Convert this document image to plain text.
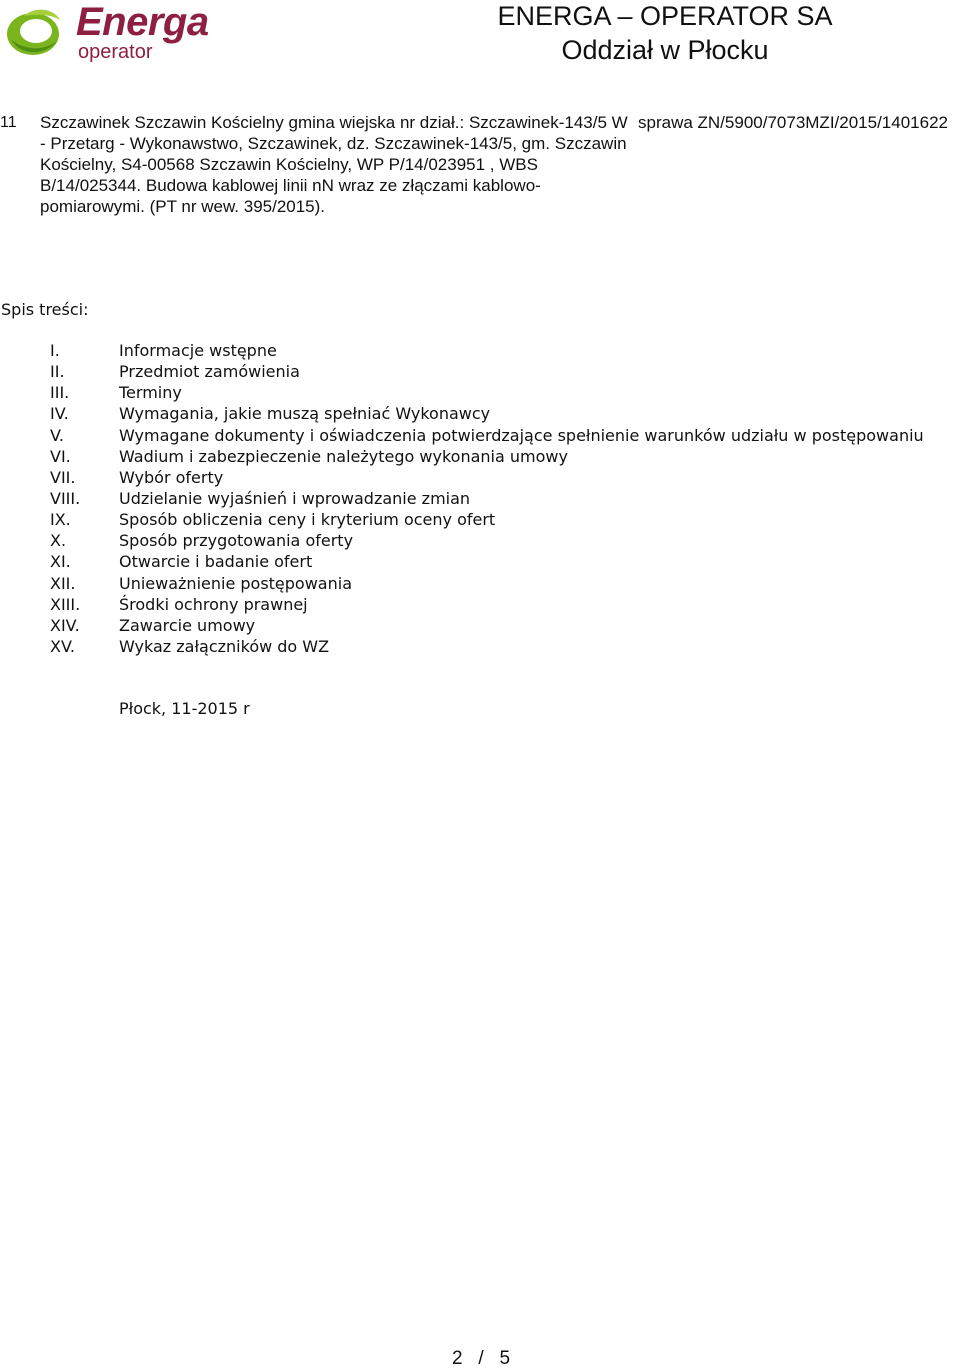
Energa
operator
ENERGA – OPERATOR SA
Oddział w Płocku
11	Szczawinek Szczawin Kościelny gmina wiejska nr dział.: Szczawinek-143/5 W - Przetarg - Wykonawstwo, Szczawinek, dz. Szczawinek-143/5, gm. Szczawin Kościelny, S4-00568 Szczawin Kościelny, WP P/14/023951 , WBS B/14/025344. Budowa kablowej linii nN wraz ze złączami kablowo-pomiarowymi. (PT nr wew. 395/2015).
sprawa ZN/5900/7073MZI/2015/1401622
Spis treści:
I.	Informacje wstępne
II.	Przedmiot zamówienia
III.	Terminy
IV.	Wymagania, jakie muszą spełniać Wykonawcy
V.	Wymagane dokumenty i oświadczenia potwierdzające spełnienie warunków udziału w postępowaniu
VI.	Wadium i zabezpieczenie należytego wykonania umowy
VII.	Wybór oferty
VIII. Udzielanie wyjaśnień i wprowadzanie zmian
IX.	Sposób obliczenia ceny i kryterium oceny ofert
X.	Sposób przygotowania oferty
XI.	Otwarcie i badanie ofert
XII.	Unieważnienie postępowania
XIII. Środki ochrony prawnej
XIV. Zawarcie umowy
XV.	Wykaz załączników do WZ
Płock, 11-2015 r
2   /   5
